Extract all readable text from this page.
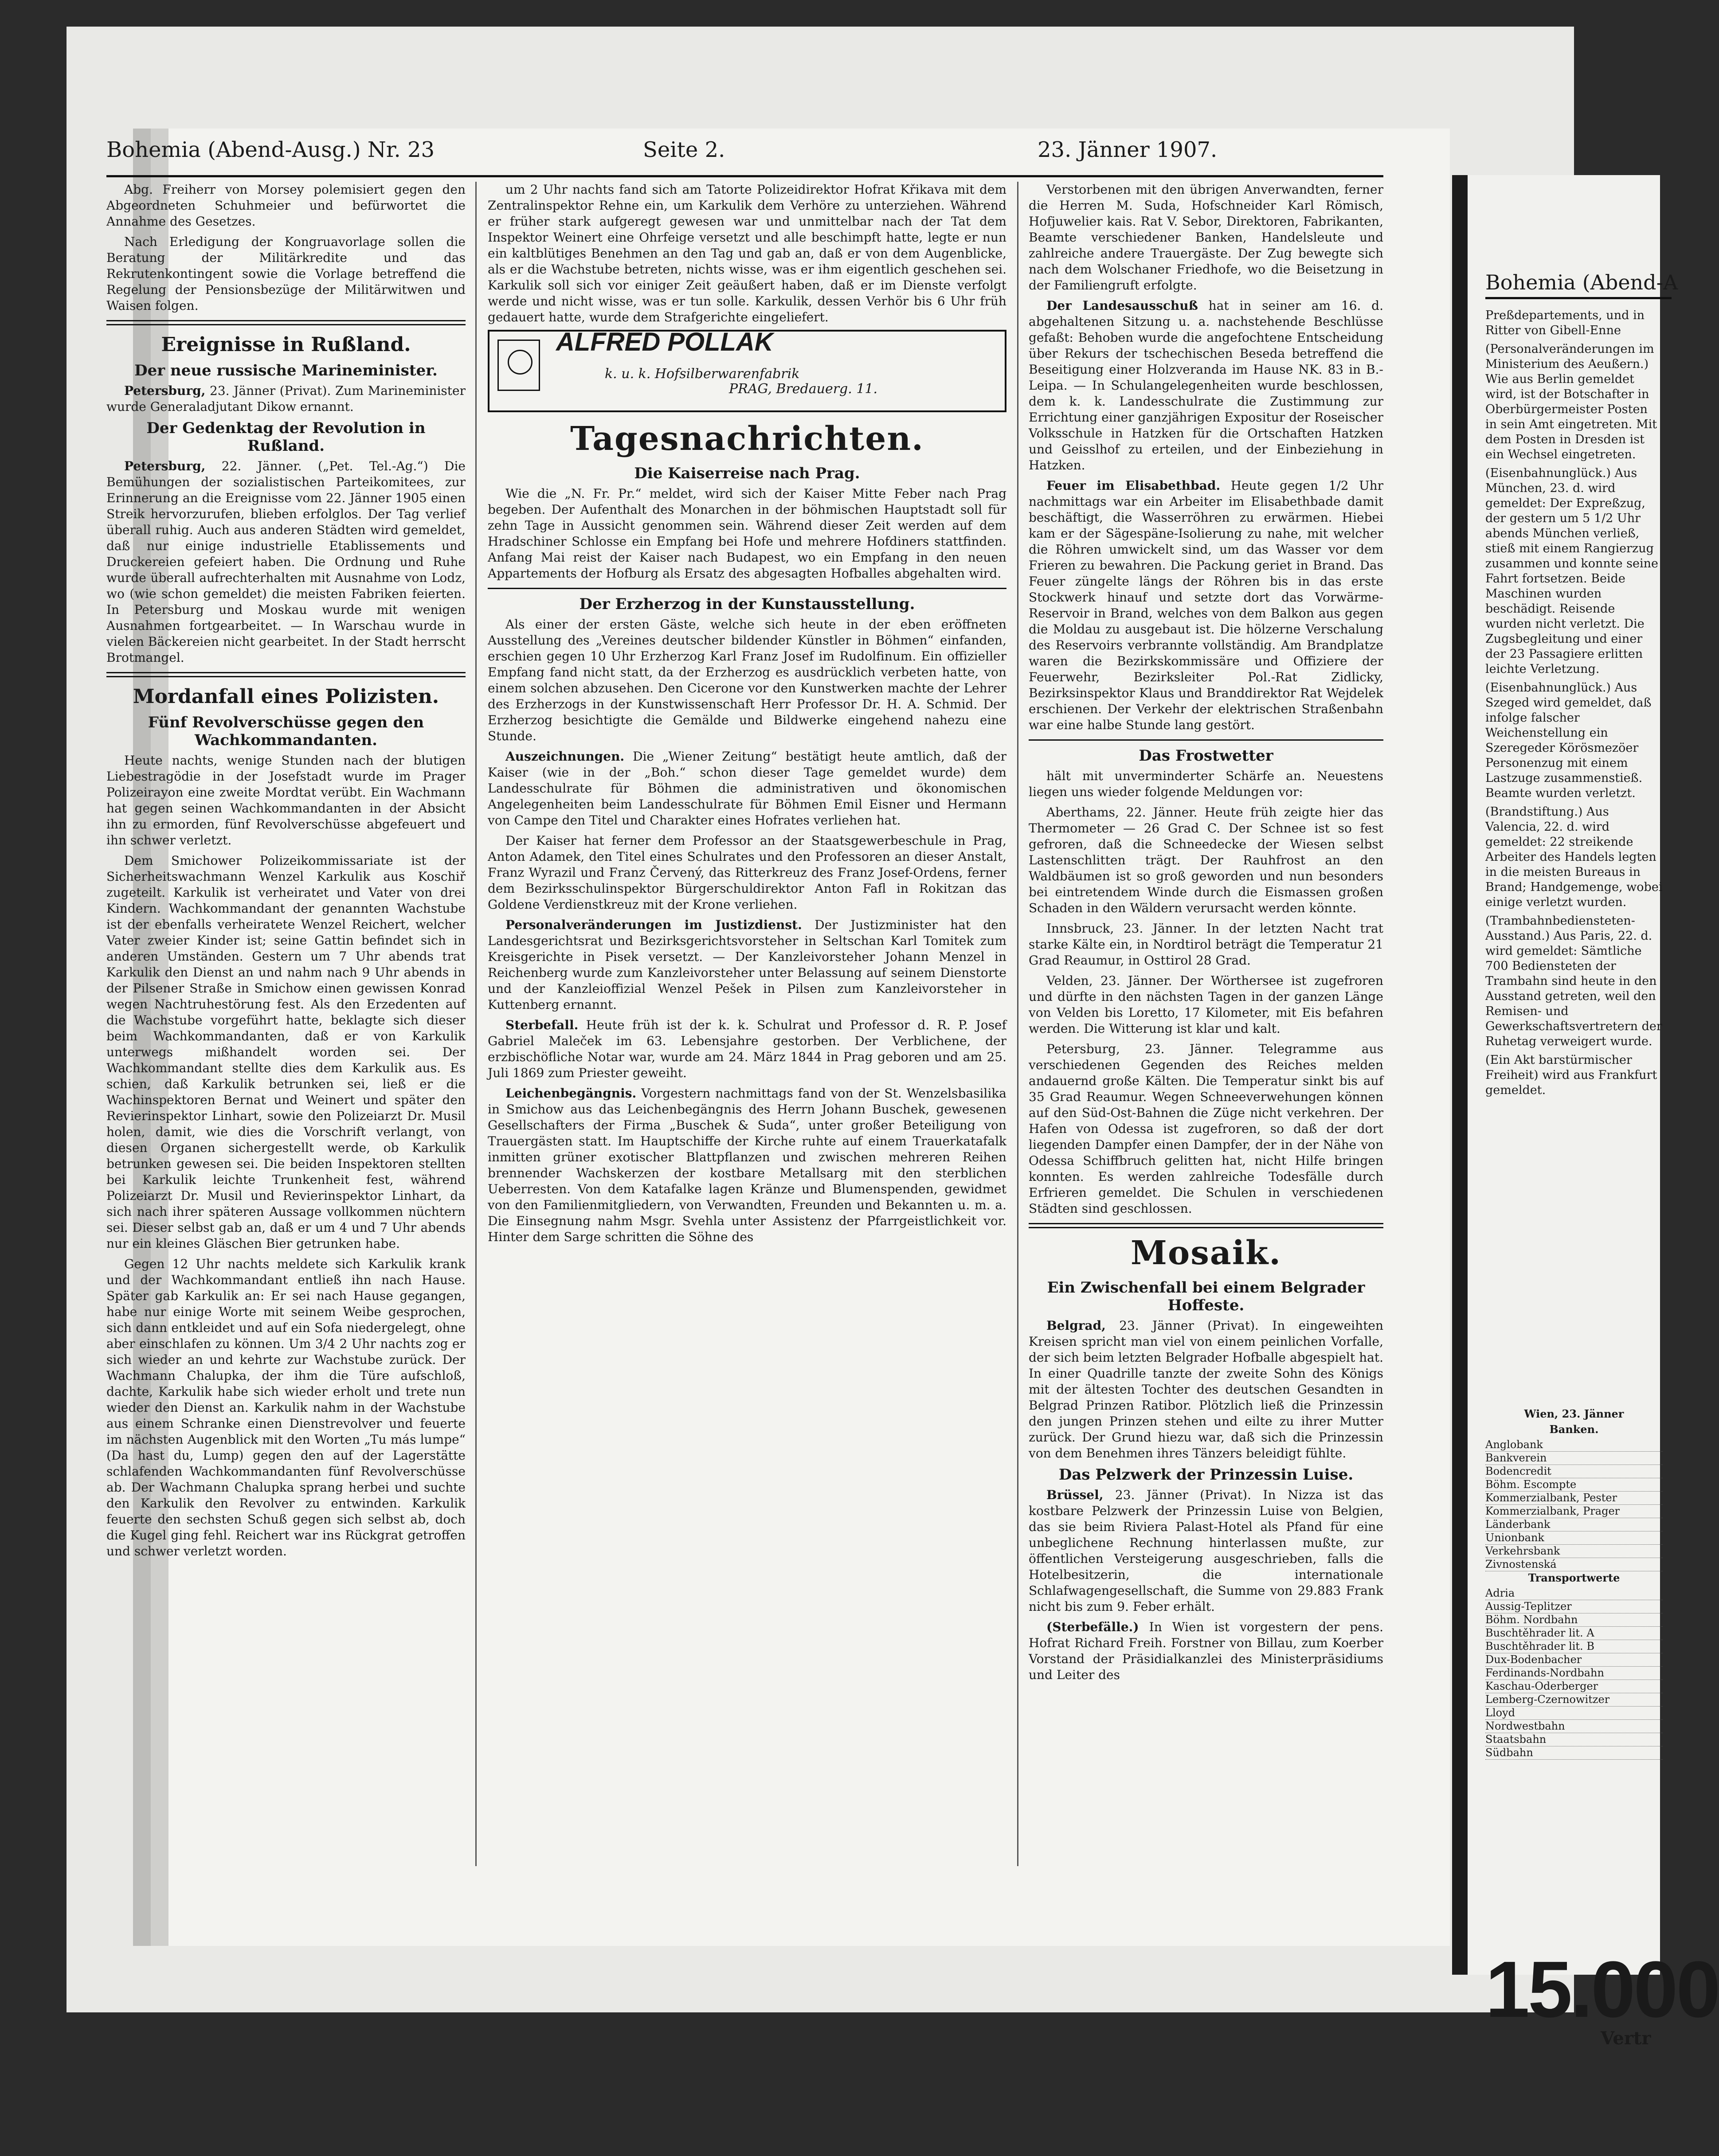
Bohemia (Abend-Ausg.) Nr. 23	Seite 2.	23. Jänner 1907.

Abg. Freiherr von Morsey polemisiert gegen den Abgeordneten Schuhmeier und befürwortet die Annahme des Gesetzes.

Nach Erledigung der Kongruavorlage sollen die Beratung der Militärkredite und das Rekrutenkontingent sowie die Vorlage betreffend die Regelung der Pensionsbezüge der Militärwitwen und Waisen folgen.

Ereignisse in Rußland.
Der neue russische Marineminister.

Petersburg, 23. Jänner (Privat). Zum Marineminister wurde Generaladjutant Dikow ernannt.

Der Gedenktag der Revolution in Rußland.

Petersburg, 22. Jänner. („Pet. Tel.-Ag.“) Die Bemühungen der sozialistischen Parteikomitees, zur Erinnerung an die Ereignisse vom 22. Jänner 1905 einen Streik hervorzurufen, blieben erfolglos. Der Tag verlief überall ruhig. Auch aus anderen Städten wird gemeldet, daß nur einige industrielle Etablissements und Druckereien gefeiert haben. Die Ordnung und Ruhe wurde überall aufrechterhalten mit Ausnahme von Lodz, wo (wie schon gemeldet) die meisten Fabriken feierten. In Petersburg und Moskau wurde mit wenigen Ausnahmen fortgearbeitet. — In Warschau wurde in vielen Bäckereien nicht gearbeitet. In der Stadt herrscht Brotmangel.

Mordanfall eines Polizisten.
Fünf Revolverschüsse gegen den Wachkommandanten.

Heute nachts, wenige Stunden nach der blutigen Liebestragödie in der Josefstadt wurde im Prager Polizeirayon eine zweite Mordtat verübt. Ein Wachmann hat gegen seinen Wachkommandanten in der Absicht ihn zu ermorden, fünf Revolverschüsse abgefeuert und ihn schwer verletzt.

Dem Smichower Polizeikommissariate ist der Sicherheitswachmann Wenzel Karkulik aus Koschiř zugeteilt. Karkulik ist verheiratet und Vater von drei Kindern. Wachkommandant der genannten Wachstube ist der ebenfalls verheiratete Wenzel Reichert, welcher Vater zweier Kinder ist; seine Gattin befindet sich in anderen Umständen. Gestern um 7 Uhr abends trat Karkulik den Dienst an und nahm nach 9 Uhr abends in der Pilsener Straße in Smichow einen gewissen Konrad wegen Nachtruhestörung fest. Als den Erzedenten auf die Wachstube vorgeführt hatte, beklagte sich dieser beim Wachkommandanten, daß er von Karkulik unterwegs mißhandelt worden sei. Der Wachkommandant stellte dies dem Karkulik aus. Es schien, daß Karkulik betrunken sei, ließ er die Wachinspektoren Bernat und Weinert und später den Revierinspektor Linhart, sowie den Polizeiarzt Dr. Musil holen, damit, wie dies die Vorschrift verlangt, von diesen Organen sichergestellt werde, ob Karkulik betrunken gewesen sei. Die beiden Inspektoren stellten bei Karkulik leichte Trunkenheit fest, während Polizeiarzt Dr. Musil und Revierinspektor Linhart, da sich nach ihrer späteren Aussage vollkommen nüchtern sei. Dieser selbst gab an, daß er um 4 und 7 Uhr abends nur ein kleines Gläschen Bier getrunken habe.

Gegen 12 Uhr nachts meldete sich Karkulik krank und der Wachkommandant entließ ihn nach Hause. Später gab Karkulik an: Er sei nach Hause gegangen, habe nur einige Worte mit seinem Weibe gesprochen, sich dann entkleidet und auf ein Sofa niedergelegt, ohne aber einschlafen zu können. Um 3/4 2 Uhr nachts zog er sich wieder an und kehrte zur Wachstube zurück. Der Wachmann Chalupka, der ihm die Türe aufschloß, dachte, Karkulik habe sich wieder erholt und trete nun wieder den Dienst an. Karkulik nahm in der Wachstube aus einem Schranke einen Dienstrevolver und feuerte im nächsten Augenblick mit den Worten „Tu más lumpe“ (Da hast du, Lump) gegen den auf der Lagerstätte schlafenden Wachkommandanten fünf Revolverschüsse ab. Der Wachmann Chalupka sprang herbei und suchte den Karkulik den Revolver zu entwinden. Karkulik feuerte den sechsten Schuß gegen sich selbst ab, doch die Kugel ging fehl. Reichert war ins Rückgrat getroffen und schwer verletzt worden.

um 2 Uhr nachts fand sich am Tatorte Polizeidirektor Hofrat Křikava mit dem Zentralinspektor Rehne ein, um Karkulik dem Verhöre zu unterziehen. Während er früher stark aufgeregt gewesen war und unmittelbar nach der Tat dem Inspektor Weinert eine Ohrfeige versetzt und alle beschimpft hatte, legte er nun ein kaltblütiges Benehmen an den Tag und gab an, daß er von dem Augenblicke, als er die Wachstube betreten, nichts wisse, was er ihm eigentlich geschehen sei. Karkulik soll sich vor einiger Zeit geäußert haben, daß er im Dienste verfolgt werde und nicht wisse, was er tun solle. Karkulik, dessen Verhör bis 6 Uhr früh gedauert hatte, wurde dem Strafgerichte eingeliefert.

ALFRED POLLAK
k. u. k. Hofsilberwarenfabrik
PRAG, Bredauerg. 11.
Tagesnachrichten.
Die Kaiserreise nach Prag.

Wie die „N. Fr. Pr.“ meldet, wird sich der Kaiser Mitte Feber nach Prag begeben. Der Aufenthalt des Monarchen in der böhmischen Hauptstadt soll für zehn Tage in Aussicht genommen sein. Während dieser Zeit werden auf dem Hradschiner Schlosse ein Empfang bei Hofe und mehrere Hofdiners stattfinden. Anfang Mai reist der Kaiser nach Budapest, wo ein Empfang in den neuen Appartements der Hofburg als Ersatz des abgesagten Hofballes abgehalten wird.

Der Erzherzog in der Kunstausstellung.

Als einer der ersten Gäste, welche sich heute in der eben eröffneten Ausstellung des „Vereines deutscher bildender Künstler in Böhmen“ einfanden, erschien gegen 10 Uhr Erzherzog Karl Franz Josef im Rudolfinum. Ein offizieller Empfang fand nicht statt, da der Erzherzog es ausdrücklich verbeten hatte, von einem solchen abzusehen. Den Cicerone vor den Kunstwerken machte der Lehrer des Erzherzogs in der Kunstwissenschaft Herr Professor Dr. H. A. Schmid. Der Erzherzog besichtigte die Gemälde und Bildwerke eingehend nahezu eine Stunde.

Auszeichnungen. Die „Wiener Zeitung“ bestätigt heute amtlich, daß der Kaiser (wie in der „Boh.“ schon dieser Tage gemeldet wurde) dem Landesschulrate für Böhmen die administrativen und ökonomischen Angelegenheiten beim Landesschulrate für Böhmen Emil Eisner und Hermann von Campe den Titel und Charakter eines Hofrates verliehen hat.

Der Kaiser hat ferner dem Professor an der Staatsgewerbeschule in Prag, Anton Adamek, den Titel eines Schulrates und den Professoren an dieser Anstalt, Franz Wyrazil und Franz Červený, das Ritterkreuz des Franz Josef-Ordens, ferner dem Bezirksschulinspektor Bürgerschuldirektor Anton Fafl in Rokitzan das Goldene Verdienstkreuz mit der Krone verliehen.

Personalveränderungen im Justizdienst. Der Justizminister hat den Landesgerichtsrat und Bezirksgerichtsvorsteher in Seltschan Karl Tomitek zum Kreisgerichte in Pisek versetzt. — Der Kanzleivorsteher Johann Menzel in Reichenberg wurde zum Kanzleivorsteher unter Belassung auf seinem Dienstorte und der Kanzleioffizial Wenzel Pešek in Pilsen zum Kanzleivorsteher in Kuttenberg ernannt.

Sterbefall. Heute früh ist der k. k. Schulrat und Professor d. R. P. Josef Gabriel Maleček im 63. Lebensjahre gestorben. Der Verblichene, der erzbischöfliche Notar war, wurde am 24. März 1844 in Prag geboren und am 25. Juli 1869 zum Priester geweiht.

Leichenbegängnis. Vorgestern nachmittags fand von der St. Wenzelsbasilika in Smichow aus das Leichenbegängnis des Herrn Johann Buschek, gewesenen Gesellschafters der Firma „Buschek & Suda“, unter großer Beteiligung von Trauergästen statt. Im Hauptschiffe der Kirche ruhte auf einem Trauerkatafalk inmitten grüner exotischer Blattpflanzen und zwischen mehreren Reihen brennender Wachskerzen der kostbare Metallsarg mit den sterblichen Ueberresten. Von dem Katafalke lagen Kränze und Blumenspenden, gewidmet von den Familienmitgliedern, von Verwandten, Freunden und Bekannten u. m. a. Die Einsegnung nahm Msgr. Svehla unter Assistenz der Pfarrgeistlichkeit vor. Hinter dem Sarge schritten die Söhne des

Verstorbenen mit den übrigen Anverwandten, ferner die Herren M. Suda, Hofschneider Karl Römisch, Hofjuwelier kais. Rat V. Sebor, Direktoren, Fabrikanten, Beamte verschiedener Banken, Handelsleute und zahlreiche andere Trauergäste. Der Zug bewegte sich nach dem Wolschaner Friedhofe, wo die Beisetzung in der Familiengruft erfolgte.

Der Landesausschuß hat in seiner am 16. d. abgehaltenen Sitzung u. a. nachstehende Beschlüsse gefaßt: Behoben wurde die angefochtene Entscheidung über Rekurs der tschechischen Beseda betreffend die Beseitigung einer Holzveranda im Hause NK. 83 in B.-Leipa. — In Schulangelegenheiten wurde beschlossen, dem k. k. Landesschulrate die Zustimmung zur Errichtung einer ganzjährigen Expositur der Roseischer Volksschule in Hatzken für die Ortschaften Hatzken und Geisslhof zu erteilen, und der Einbeziehung in Hatzken.

Feuer im Elisabethbad. Heute gegen 1/2 Uhr nachmittags war ein Arbeiter im Elisabethbade damit beschäftigt, die Wasserröhren zu erwärmen. Hiebei kam er der Sägespäne-Isolierung zu nahe, mit welcher die Röhren umwickelt sind, um das Wasser vor dem Frieren zu bewahren. Die Packung geriet in Brand. Das Feuer züngelte längs der Röhren bis in das erste Stockwerk hinauf und setzte dort das Vorwärme-Reservoir in Brand, welches von dem Balkon aus gegen die Moldau zu ausgebaut ist. Die hölzerne Verschalung des Reservoirs verbrannte vollständig. Am Brandplatze waren die Bezirkskommissäre und Offiziere der Feuerwehr, Bezirksleiter Pol.-Rat Zidlicky, Bezirksinspektor Klaus und Branddirektor Rat Wejdelek erschienen. Der Verkehr der elektrischen Straßenbahn war eine halbe Stunde lang gestört.

Das Frostwetter

hält mit unverminderter Schärfe an. Neuestens liegen uns wieder folgende Meldungen vor:

Aberthams, 22. Jänner. Heute früh zeigte hier das Thermometer — 26 Grad C. Der Schnee ist so fest gefroren, daß die Schneedecke der Wiesen selbst Lastenschlitten trägt. Der Rauhfrost an den Waldbäumen ist so groß geworden und nun besonders bei eintretendem Winde durch die Eismassen großen Schaden in den Wäldern verursacht werden könnte.

Innsbruck, 23. Jänner. In der letzten Nacht trat starke Kälte ein, in Nordtirol beträgt die Temperatur 21 Grad Reaumur, in Osttirol 28 Grad.

Velden, 23. Jänner. Der Wörthersee ist zugefroren und dürfte in den nächsten Tagen in der ganzen Länge von Velden bis Loretto, 17 Kilometer, mit Eis befahren werden. Die Witterung ist klar und kalt.

Petersburg, 23. Jänner. Telegramme aus verschiedenen Gegenden des Reiches melden andauernd große Kälten. Die Temperatur sinkt bis auf 35 Grad Reaumur. Wegen Schneeverwehungen können auf den Süd-Ost-Bahnen die Züge nicht verkehren. Der Hafen von Odessa ist zugefroren, so daß der dort liegenden Dampfer einen Dampfer, der in der Nähe von Odessa Schiffbruch gelitten hat, nicht Hilfe bringen konnten. Es werden zahlreiche Todesfälle durch Erfrieren gemeldet. Die Schulen in verschiedenen Städten sind geschlossen.

Mosaik.
Ein Zwischenfall bei einem Belgrader Hoffeste.

Belgrad, 23. Jänner (Privat). In eingeweihten Kreisen spricht man viel von einem peinlichen Vorfalle, der sich beim letzten Belgrader Hofballe abgespielt hat. In einer Quadrille tanzte der zweite Sohn des Königs mit der ältesten Tochter des deutschen Gesandten in Belgrad Prinzen Ratibor. Plötzlich ließ die Prinzessin den jungen Prinzen stehen und eilte zu ihrer Mutter zurück. Der Grund hiezu war, daß sich die Prinzessin von dem Benehmen ihres Tänzers beleidigt fühlte.

Das Pelzwerk der Prinzessin Luise.

Brüssel, 23. Jänner (Privat). In Nizza ist das kostbare Pelzwerk der Prinzessin Luise von Belgien, das sie beim Riviera Palast-Hotel als Pfand für eine unbeglichene Rechnung hinterlassen mußte, zur öffentlichen Versteigerung ausgeschrieben, falls die Hotelbesitzerin, die internationale Schlafwagengesellschaft, die Summe von 29.883 Frank nicht bis zum 9. Feber erhält.

(Sterbefälle.) In Wien ist vorgestern der pens. Hofrat Richard Freih. Forstner von Billau, zum Koerber Vorstand der Präsidialkanzlei des Ministerpräsidiums und Leiter des

Bohemia (Abend-A

Preßdepartements, und in Ritter von Gibell-Enne

(Personalveränderungen im Ministerium des Aeußern.) Wie aus Berlin gemeldet wird, ist der Botschafter in Oberbürgermeister Posten in sein Amt eingetreten. Mit dem Posten in Dresden ist ein Wechsel eingetreten.

(Eisenbahnunglück.) Aus München, 23. d. wird gemeldet: Der Expreßzug, der gestern um 5 1/2 Uhr abends München verließ, stieß mit einem Rangierzug zusammen und konnte seine Fahrt fortsetzen. Beide Maschinen wurden beschädigt. Reisende wurden nicht verletzt. Die Zugsbegleitung und einer der 23 Passagiere erlitten leichte Verletzung.

(Eisenbahnunglück.) Aus Szeged wird gemeldet, daß infolge falscher Weichenstellung ein Szeregeder Körösmezöer Personenzug mit einem Lastzuge zusammenstieß. Beamte wurden verletzt.

(Brandstiftung.) Aus Valencia, 22. d. wird gemeldet: 22 streikende Arbeiter des Handels legten in die meisten Bureaus in Brand; Handgemenge, wobei einige verletzt wurden.

(Trambahnbediensteten-Ausstand.) Aus Paris, 22. d. wird gemeldet: Sämtliche 700 Bediensteten der Trambahn sind heute in den Ausstand getreten, weil den Remisen- und Gewerkschaftsvertretern der Ruhetag verweigert wurde.

(Ein Akt barstürmischer Freiheit) wird aus Frankfurt gemeldet.

Wien, 23. Jänner
Banken.
Anglobank
Bankverein
Bodencredit
Böhm. Escompte
Kommerzialbank, Pester
Kommerzialbank, Prager
Länderbank
Unionbank
Verkehrsbank
Zivnostenská
Transportwerte
Adria
Aussig-Teplitzer
Böhm. Nordbahn
Buschtěhrader lit. A
Buschtěhrader lit. B
Dux-Bodenbacher
Ferdinands-Nordbahn
Kaschau-Oderberger
Lemberg-Czernowitzer
Lloyd
Nordwestbahn
Staatsbahn
Südbahn
15.000
Vertr
